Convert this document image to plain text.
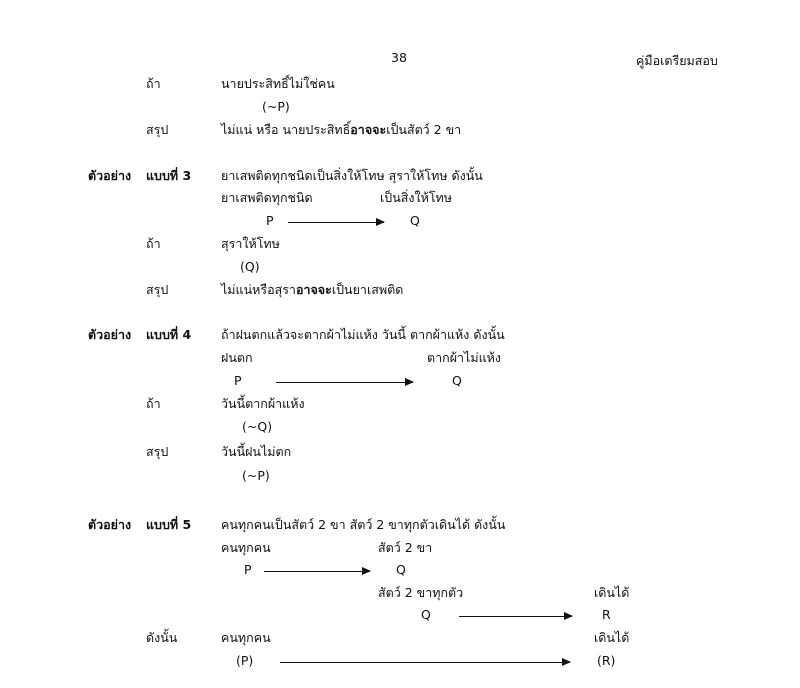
38	คู่มือเตรียมสอบ
ถ้า	นายประสิทธิ์ไม่ใช่คน
(~P)
สรุป	ไม่แน่ หรือ นายประสิทธิ์อาจจะเป็นสัตว์ 2 ขา
ตัวอย่าง แบบที่ 3 ยาเสพติดทุกชนิดเป็นสิ่งให้โทษ สุราให้โทษ ดังนั้น
ยาเสพติดทุกชนิด	เป็นสิ่งให้โทษ
P	Q
ถ้า	สุราให้โทษ
(Q)
สรุป	ไม่แน่หรือสุราอาจจะเป็นยาเสพติด
ตัวอย่าง แบบที่ 4 ถ้าฝนตกแล้วจะตากผ้าไม่แห้ง วันนี้ ตากผ้าแห้ง ดังนั้น
ฝนตก	ตากผ้าไม่แห้ง
P	Q
ถ้า	วันนี้ตากผ้าแห้ง
(~Q)
สรุป	วันนี้ฝนไม่ตก
(~P)
ตัวอย่าง แบบที่ 5 คนทุกคนเป็นสัตว์ 2 ขา สัตว์ 2 ขาทุกตัวเดินได้ ดังนั้น
คนทุกคน	สัตว์ 2 ขา
P	Q
สัตว์ 2 ขาทุกตัว	เดินได้
Q	R
ดังนั้น	คนทุกคน	เดินได้
(P)	(R)
